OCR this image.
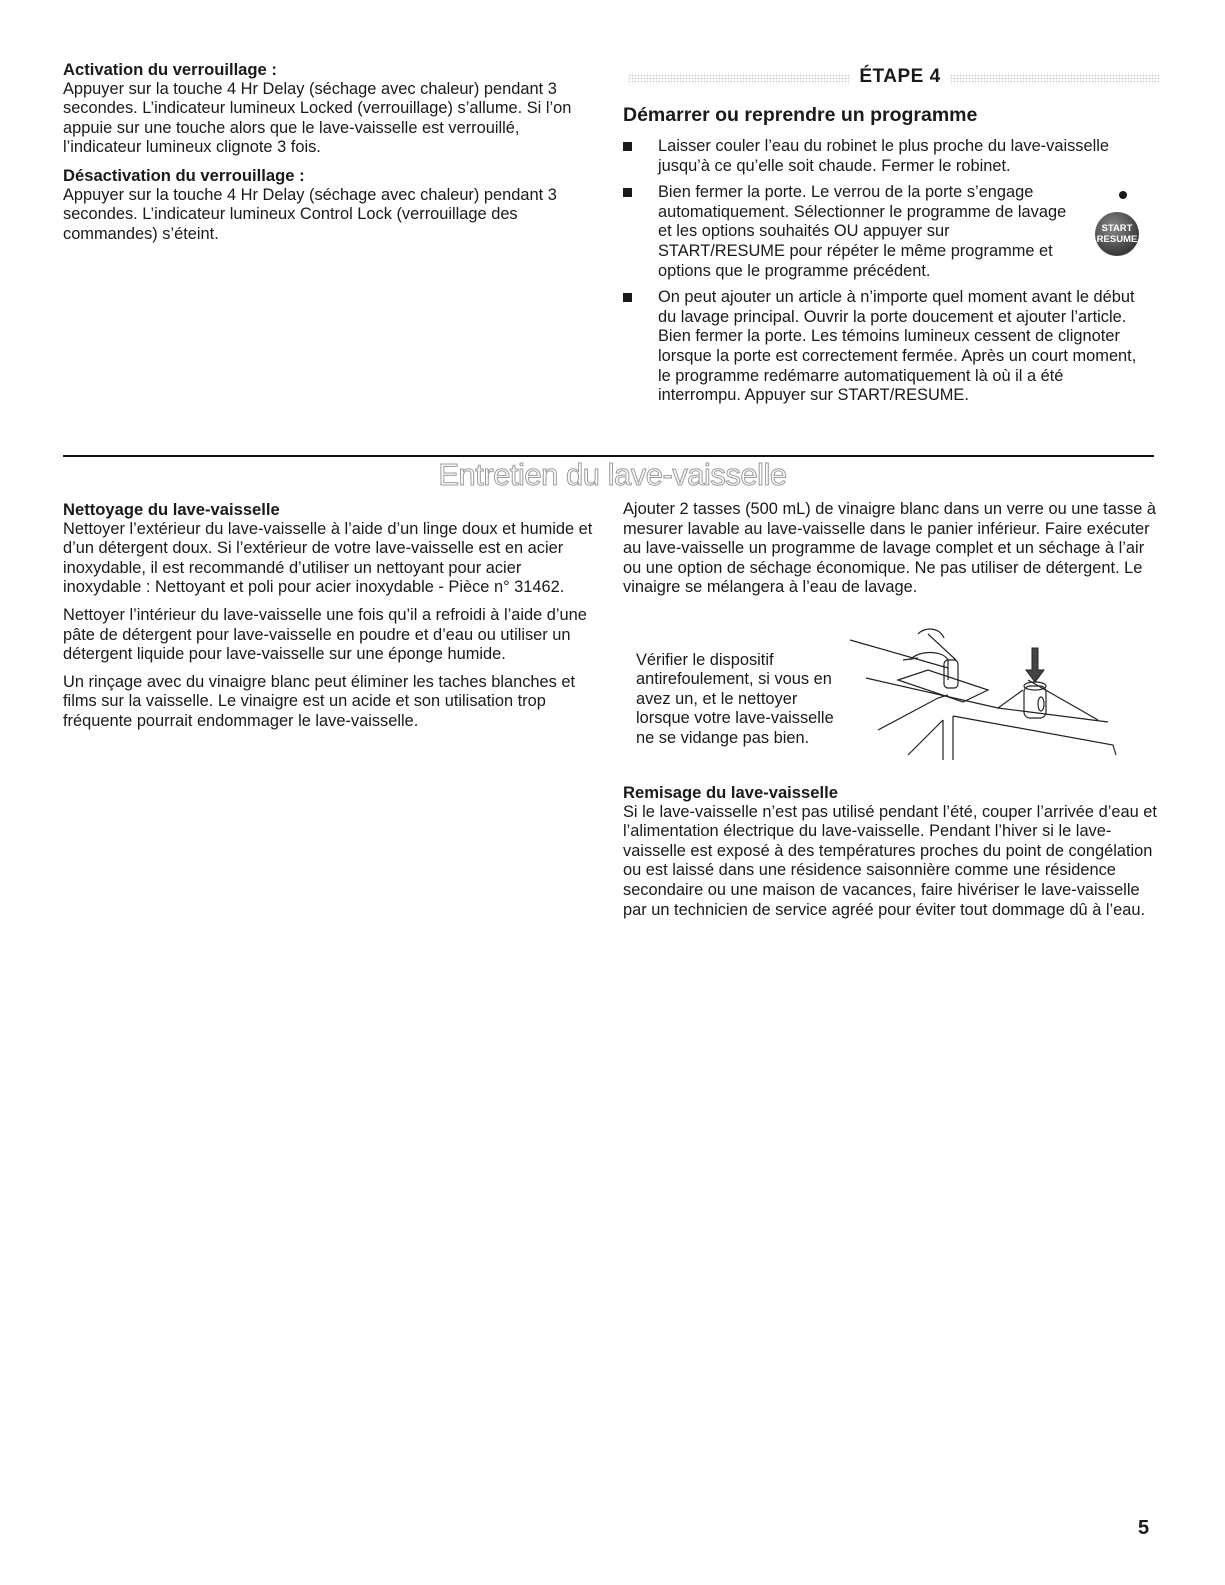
Activation du verrouillage :

Appuyer sur la touche 4 Hr Delay (séchage avec chaleur) pendant 3 secondes. L’indicateur lumineux Locked (verrouillage) s’allume. Si l’on appuie sur une touche alors que le lave-vaisselle est verrouillé, l’indicateur lumineux clignote 3 fois.

Désactivation du verrouillage :

Appuyer sur la touche 4 Hr Delay (séchage avec chaleur) pendant 3 secondes. L’indicateur lumineux Control Lock (verrouillage des commandes) s’éteint.

ÉTAPE 4
Démarrer ou reprendre un programme
Laisser couler l’eau du robinet le plus proche du lave-vaisselle jusqu’à ce qu’elle soit chaude. Fermer le robinet.
Bien fermer la porte. Le verrou de la porte s’engage automatiquement. Sélectionner le programme de lavage et les options souhaités OU appuyer sur START/RESUME pour répéter le même programme et options que le programme précédent.
On peut ajouter un article à n’importe quel moment avant le début du lavage principal. Ouvrir la porte doucement et ajouter l’article. Bien fermer la porte. Les témoins lumineux cessent de clignoter lorsque la porte est correctement fermée. Après un court moment, le programme redémarre automatiquement là où il a été interrompu. Appuyer sur START/RESUME.
START
RESUME
Entretien du lave-vaisselle
Nettoyage du lave-vaisselle

Nettoyer l’extérieur du lave-vaisselle à l’aide d’un linge doux et humide et d’un détergent doux. Si l’extérieur de votre lave-vaisselle est en acier inoxydable, il est recommandé d’utiliser un nettoyant pour acier inoxydable : Nettoyant et poli pour acier inoxydable - Pièce n° 31462.

Nettoyer l’intérieur du lave-vaisselle une fois qu’il a refroidi à l’aide d’une pâte de détergent pour lave-vaisselle en poudre et d’eau ou utiliser un détergent liquide pour lave-vaisselle sur une éponge humide.

Un rinçage avec du vinaigre blanc peut éliminer les taches blanches et films sur la vaisselle. Le vinaigre est un acide et son utilisation trop fréquente pourrait endommager le lave-vaisselle.

Ajouter 2 tasses (500 mL) de vinaigre blanc dans un verre ou une tasse à mesurer lavable au lave-vaisselle dans le panier inférieur. Faire exécuter au lave-vaisselle un programme de lavage complet et un séchage à l’air ou une option de séchage économique. Ne pas utiliser de détergent. Le vinaigre se mélangera à l’eau de lavage.

Vérifier le dispositif antirefoulement, si vous en avez un, et le nettoyer lorsque votre lave-vaisselle ne se vidange pas bien.
Remisage du lave-vaisselle

Si le lave-vaisselle n’est pas utilisé pendant l’été, couper l’arrivée d’eau et l’alimentation électrique du lave-vaisselle. Pendant l’hiver si le lave-vaisselle est exposé à des températures proches du point de congélation ou est laissé dans une résidence saisonnière comme une résidence secondaire ou une maison de vacances, faire hivériser le lave-vaisselle par un technicien de service agréé pour éviter tout dommage dû à l’eau.

5
